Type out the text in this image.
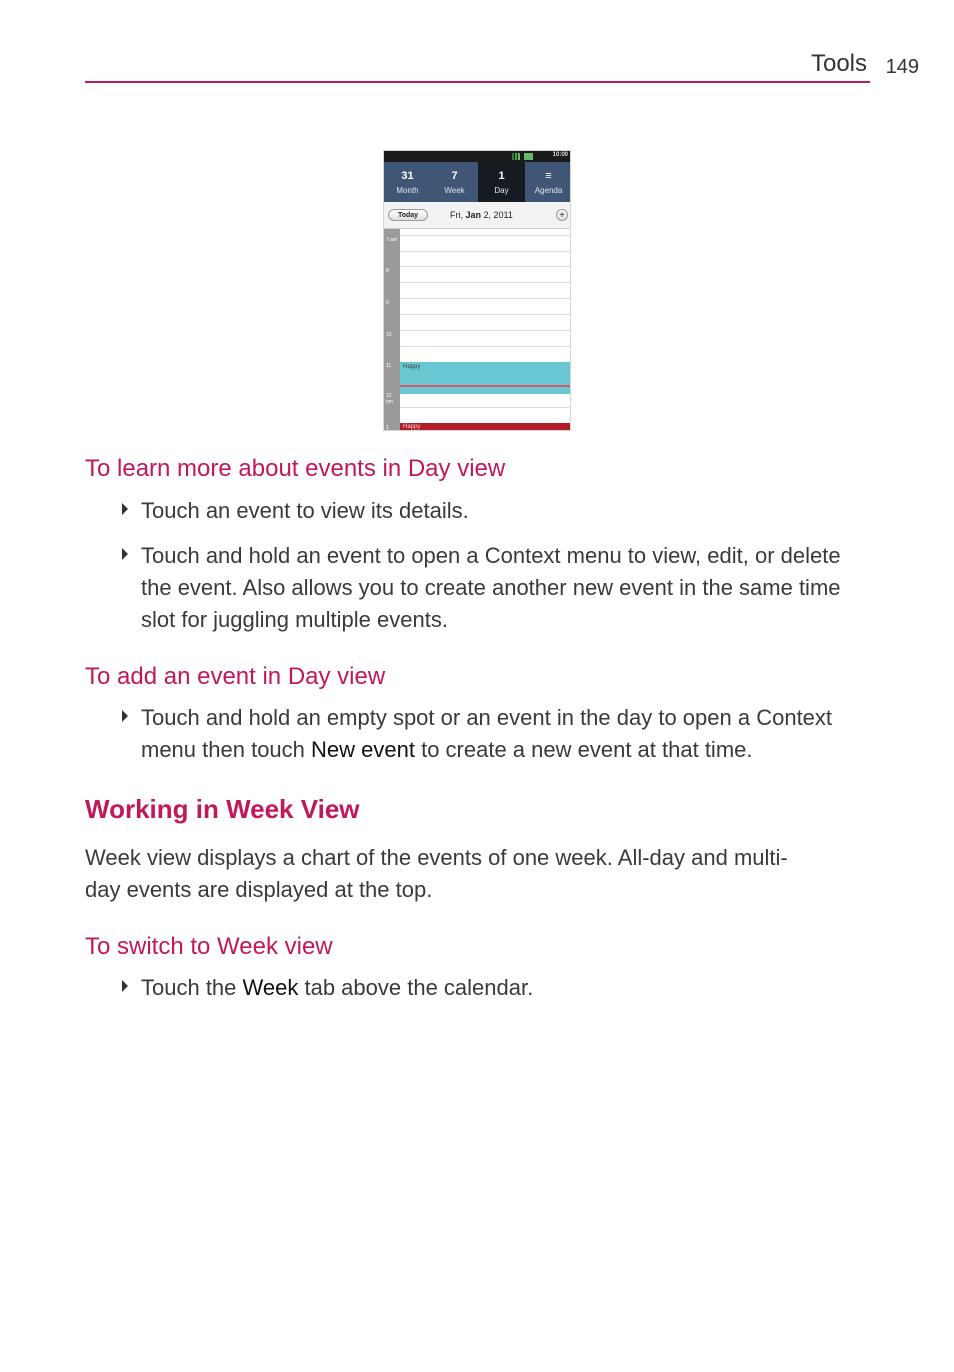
Tools 149
10:00
31
Month
7
Week
1
Day
≡
Agenda
Today	Fri, Jan 2, 2011	+
7 am
8
9
10
11
12 pm
1
Happy
Happy
To learn more about events in Day view
Touch an event to view its details.
Touch and hold an event to open a Context menu to view, edit, or delete the event. Also allows you to create another new event in the same time slot for juggling multiple events.
To add an event in Day view
Touch and hold an empty spot or an event in the day to open a Context menu then touch New event to create a new event at that time.
Working in Week View
Week view displays a chart of the events of one week. All-day and multi-day events are displayed at the top.
To switch to Week view
Touch the Week tab above the calendar.
